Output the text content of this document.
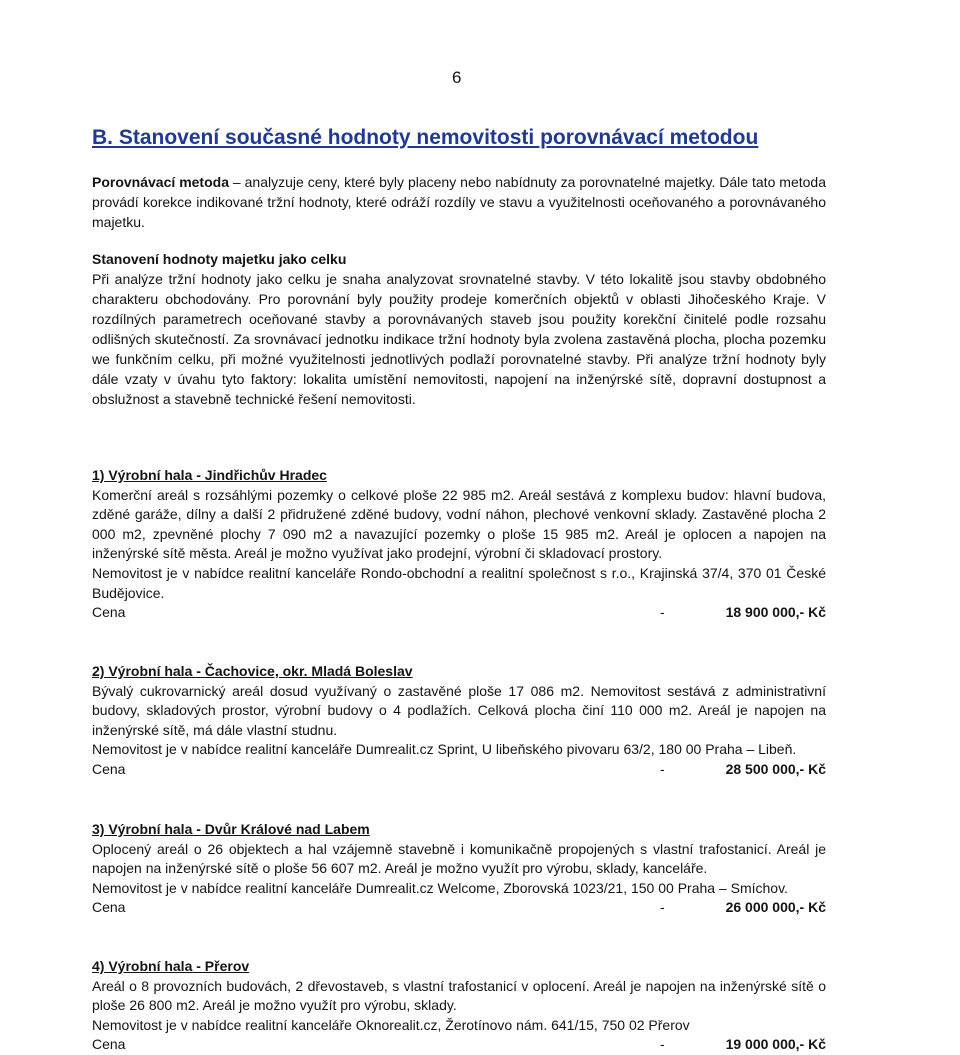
6
B. Stanovení současné hodnoty nemovitosti porovnávací metodou
Porovnávací metoda – analyzuje ceny, které byly placeny nebo nabídnuty za porovnatelné majetky. Dále tato metoda provádí korekce indikované tržní hodnoty, které odráží rozdíly ve stavu a využitelnosti oceňovaného a porovnávaného majetku.
Stanovení hodnoty majetku jako celku
Při analýze tržní hodnoty jako celku je snaha analyzovat srovnatelné stavby. V této lokalitě jsou stavby obdobného charakteru obchodovány. Pro porovnání byly použity prodeje komerčních objektů v oblasti Jihočeského Kraje. V rozdílných parametrech oceňované stavby a porovnávaných staveb jsou použity korekční činitelé podle rozsahu odlišných skutečností. Za srovnávací jednotku indikace tržní hodnoty byla zvolena zastavěná plocha, plocha pozemku we funkčním celku, při možné využitelnosti jednotlivých podlaží porovnatelné stavby. Při analýze tržní hodnoty byly dále vzaty v úvahu tyto faktory: lokalita umístění nemovitosti, napojení na inženýrské sítě, dopravní dostupnost a obslužnost a stavebně technické řešení nemovitosti.
1) Výrobní hala - Jindřichův Hradec
Komerční areál s rozsáhlými pozemky o celkové ploše 22 985 m2. Areál sestává z komplexu budov: hlavní budova, zděné garáže, dílny a další 2 přidružené zděné budovy, vodní náhon, plechové venkovní sklady. Zastavěné plocha 2 000 m2, zpevněné plochy 7 090 m2 a navazující pozemky o ploše 15 985 m2. Areál je oplocen a napojen na inženýrské sítě města. Areál je možno využívat jako prodejní, výrobní či skladovací prostory.
Nemovitost je v nabídce realitní kanceláře Rondo-obchodní a realitní společnost s r.o., Krajinská 37/4, 370 01 České Budějovice.
Cena	-	18 900 000,- Kč
2) Výrobní hala - Čachovice, okr. Mladá Boleslav
Bývalý cukrovarnický areál dosud využívaný o zastavěné ploše 17 086 m2. Nemovitost sestává z administrativní budovy, skladových prostor, výrobní budovy o 4 podlažích. Celková plocha činí 110 000 m2. Areál je napojen na inženýrské sítě, má dále vlastní studnu.
Nemovitost je v nabídce realitní kanceláře Dumrealit.cz Sprint, U libeňského pivovaru 63/2, 180 00 Praha – Libeň.
Cena	-	28 500 000,- Kč
3) Výrobní hala - Dvůr Králové nad Labem
Oplocený areál o 26 objektech a hal vzájemně stavebně i komunikačně propojených s vlastní trafostanicí. Areál je napojen na inženýrské sítě o ploše 56 607 m2. Areál je možno využít pro výrobu, sklady, kanceláře.
Nemovitost je v nabídce realitní kanceláře Dumrealit.cz Welcome, Zborovská 1023/21, 150 00 Praha – Smíchov.
Cena	-	26 000 000,- Kč
4) Výrobní hala - Přerov
Areál o 8 provozních budovách, 2 dřevostaveb, s vlastní trafostanicí v oplocení. Areál je napojen na inženýrské sítě o ploše 26 800 m2. Areál je možno využít pro výrobu, sklady.
Nemovitost je v nabídce realitní kanceláře Oknorealit.cz, Žerotínovo nám. 641/15, 750 02 Přerov
Cena	-	19 000 000,- Kč
